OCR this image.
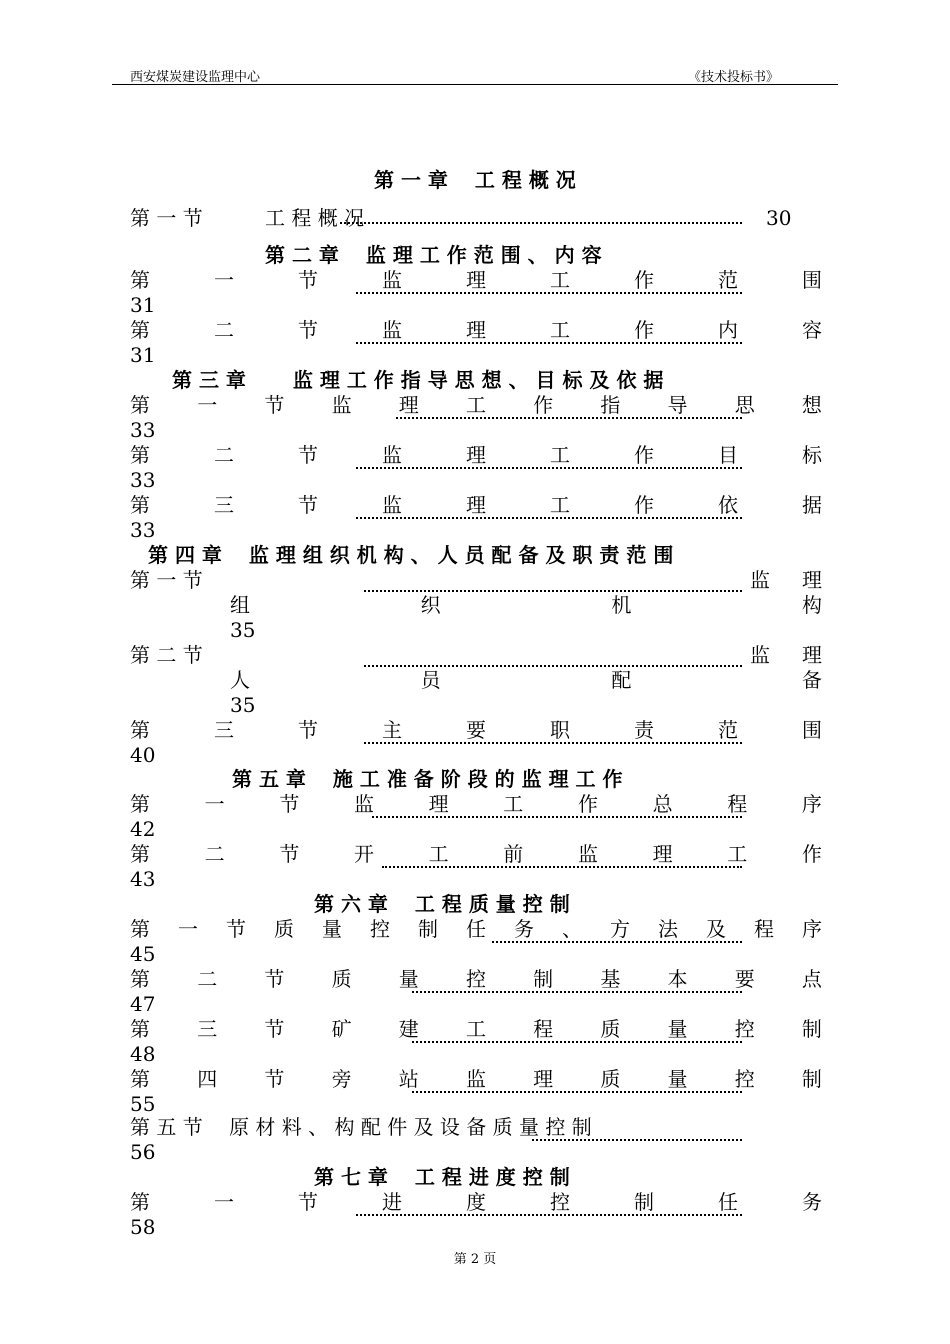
西安煤炭建设监理中心	《技术投标书》
第 一 章　 工 程 概 况
第 一 节	工 程 概 况	30
第 二 章　 监 理 工 作 范 围 、 内 容
第	一	节	监	理	工	作	范	围
31
第	二	节	监	理	工	作	内	容
31
第 三 章　　 监 理 工 作 指 导 思 想 、 目 标 及 依 据
第 一 节 监 理 工 作 指 导 思 想
33
第	二	节	监	理	工	作	目	标
33
第	三	节	监	理	工	作	依	据
33
第 四 章　 监 理 组 织 机 构 、 人 员 配 备 及 职 责 范 围
第 一 节	监 理
组	织	机	构
35
第 二 节	监 理
人	员	配	备
35
第	三	节	主	要	职	责	范	围
40
第 五 章　 施 工 准 备 阶 段 的 监 理 工 作
第	一	节	监	理	工	作	总	程	序
42
第	二	节	开	工	前	监	理	工	作
43
第 六 章　 工 程 质 量 控 制
第 一 节 质 量 控 制 任 务 、 方 法 及 程 序
45
第 二 节 质 量 控 制 基 本 要 点
47
第 三 节 矿 建 工 程 质 量 控 制
48
第 四 节 旁 站 监 理 质 量 控 制
55
第 五 节　 原 材 料 、 构 配 件 及 设 备 质 量 控 制
56
第 七 章　 工 程 进 度 控 制
第	一	节	进	度	控	制	任	务
58
第 2 页
